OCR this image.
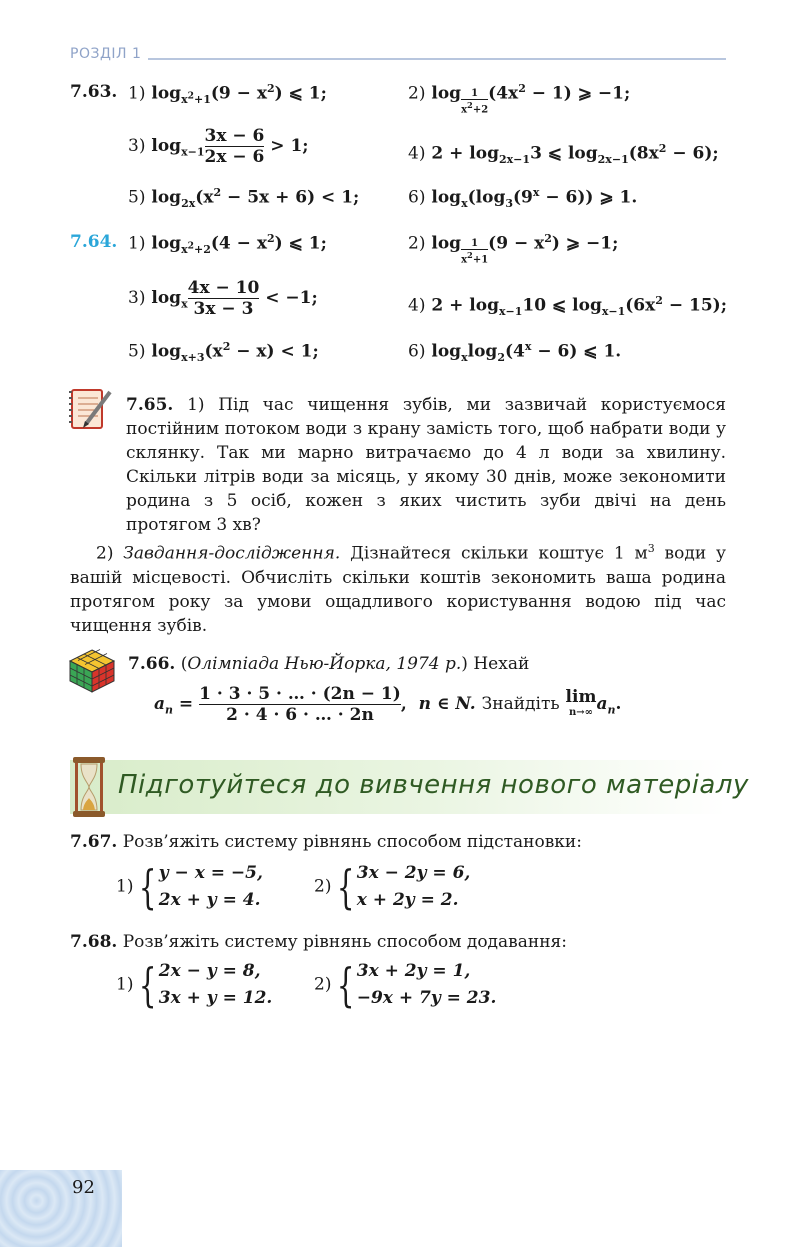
РОЗДІЛ 1
7.63. 1) $\log_{x^2+1}(9 - x^2)$ ⩽ 1;	2) $\log \frac{1}{x^2+2} (4x^2 - 1)$ ⩾ −1;
3) $\log_{x-1} \frac{3x - 6}{2x - 6} > 1$;	4) $2 + \log_{2x-1}3$ ⩽ $\log_{2x-1}(8x^2 - 6)$;
5) $\log_{2x}(x^2 - 5x + 6) < 1$;	6) $\log_x(\log_3(9^x - 6))$ ⩾ 1.
7.64. 1) $\log_{x^2+2}(4 - x^2)$ ⩽ 1;	2) $\log \frac{1}{x^2+1} (9 - x^2)$ ⩾ −1;
3) $\log_x \frac{4x - 10}{3x - 3} < -1$;	4) $2 + \log_{x-1}10$ ⩽ $\log_{x-1}(6x^2 - 15)$;
5) $\log_{x+3}(x^2 - x) < 1$;	6) $\log_x\log_2(4^x - 6)$ ⩽ 1.

7.65. 1) Під час чищення зубів, ми зазвичай користуємося постійним потоком води з крану замість того, щоб набрати води у склянку. Так ми марно витрачаємо до 4 л води за хвилину. Скільки літрів води за місяць, у якому 30 днів, може зекономити родина з 5 осіб, кожен з яких чистить зуби двічі на день протягом 3 хв?

2) Завдання-дослідження. Дізнайтеся скільки коштує 1 $м^3$ води у вашій місцевості. Обчисліть скільки коштів зекономить ваша родина протягом року за умови ощадливого користування водою під час чищення зубів.

7.66. (Олімпіада Нью-Йорка, 1974 р.) Нехай
$a_n = \frac{1 \cdot 3 \cdot 5 \cdot \dots \cdot (2n - 1)}{2 \cdot 4 \cdot 6 \cdot \dots \cdot 2n}$ ,  n ∈ N. Знайдіть lim
n→∞ $a_n$.
Підготуйтеся до вивчення нового матеріалу
7.67. Розв’яжіть систему рівнянь способом підстановки:
1) { y − x = −5,
2x + y = 4.
2) { 3x − 2y = 6,
x + 2y = 2.
7.68. Розв’яжіть систему рівнянь способом додавання:
1) { 2x − y = 8,
3x + y = 12.
2) { 3x + 2y = 1,
−9x + 7y = 23.
92
